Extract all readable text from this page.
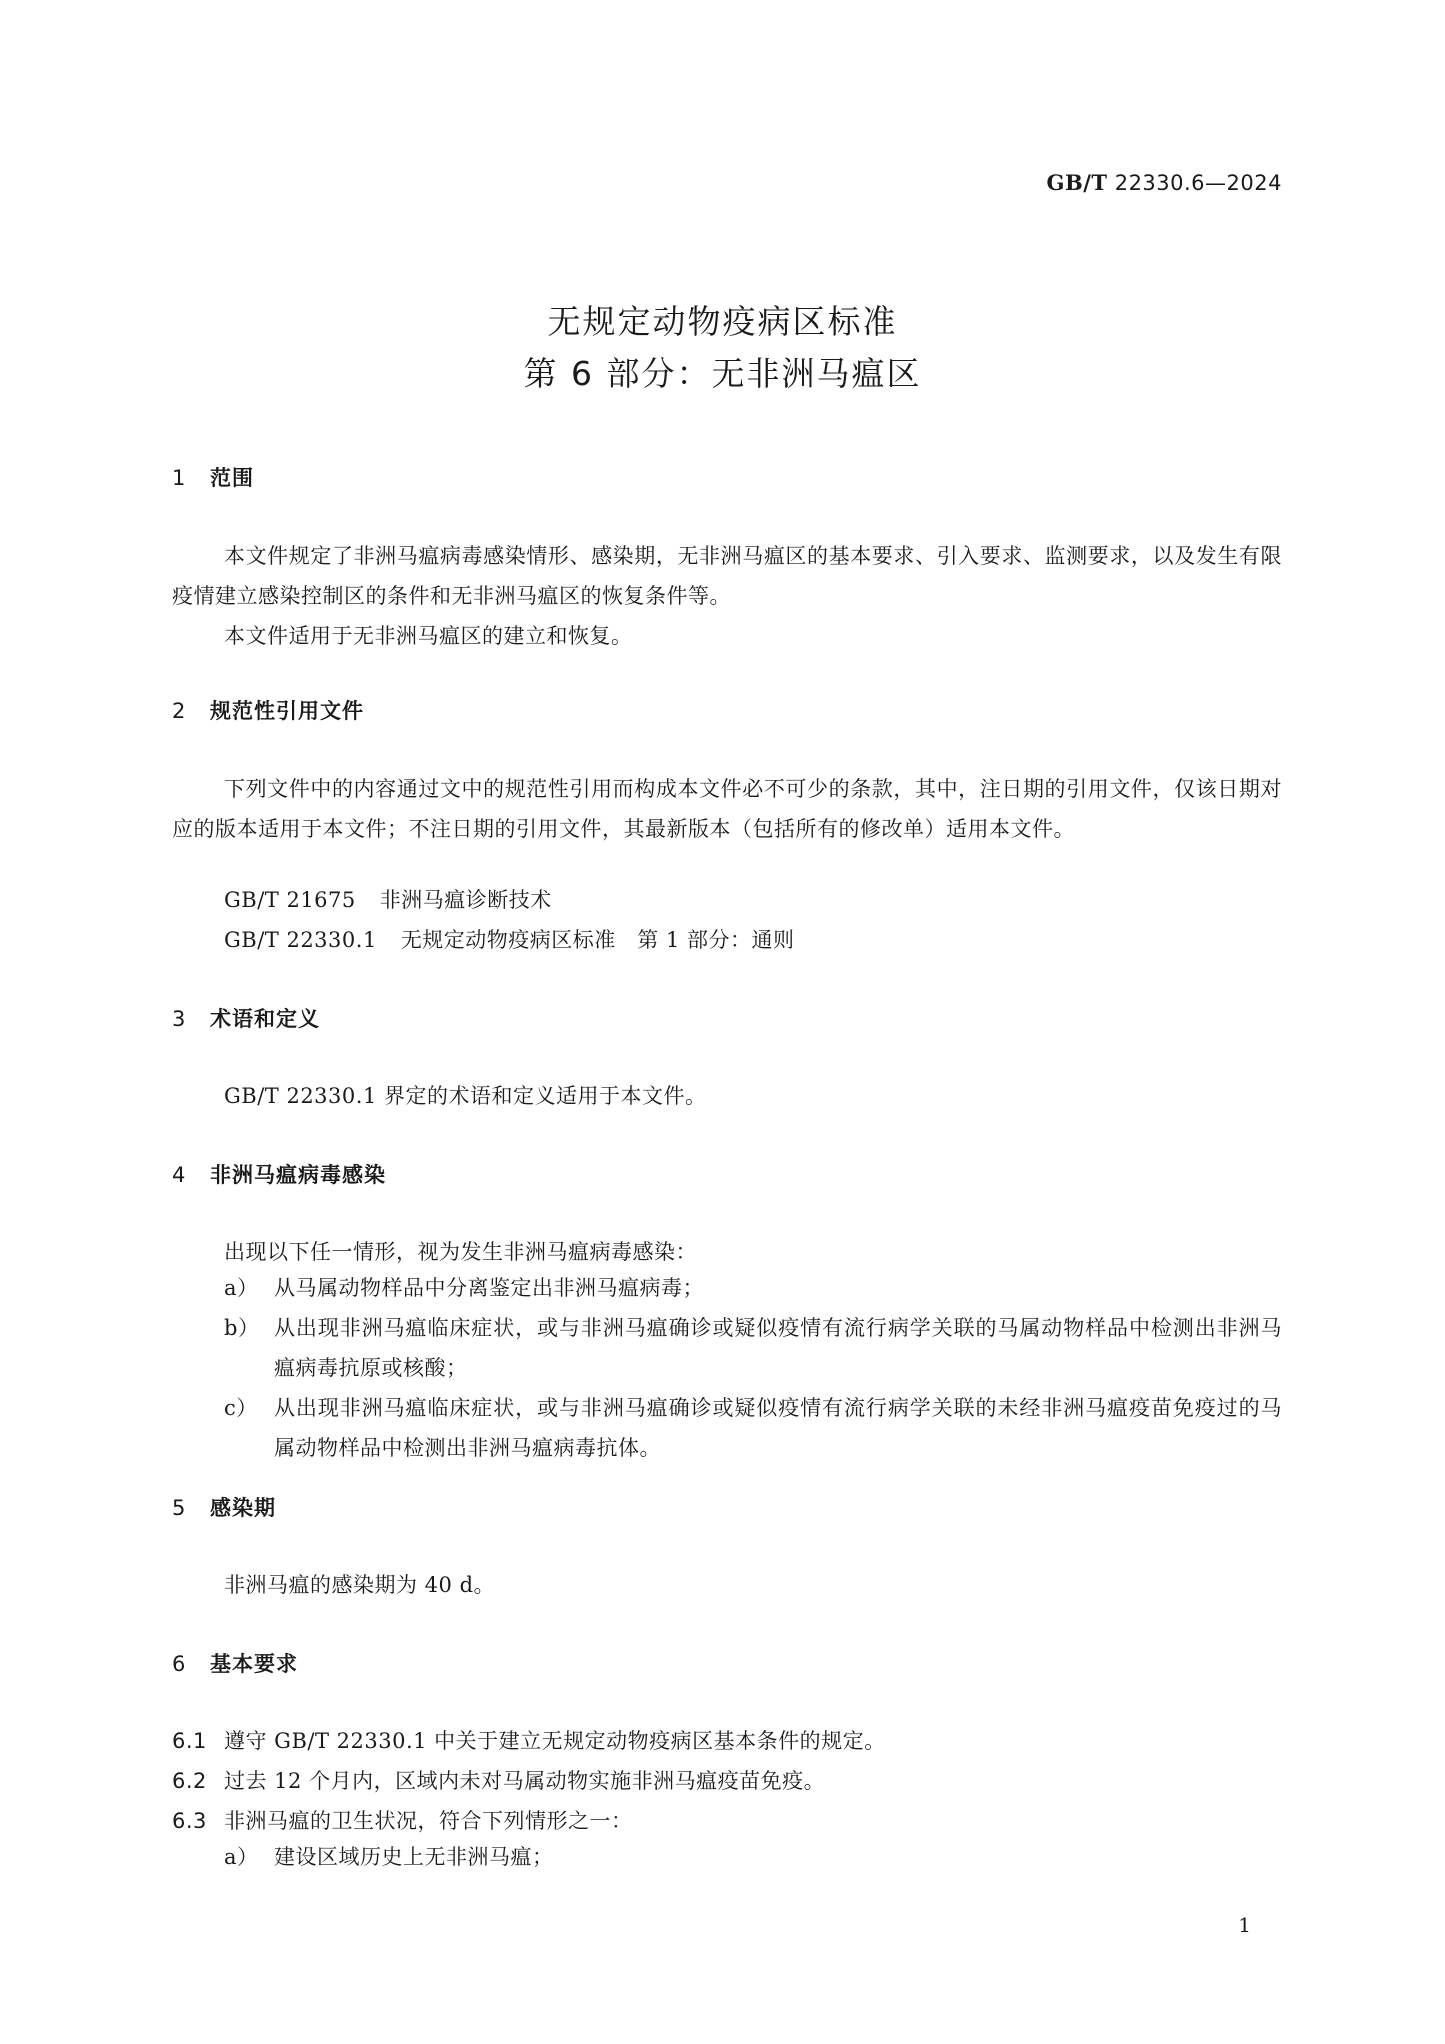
GB/T 22330.6—2024
无规定动物疫病区标准
第 6 部分：无非洲马瘟区
1 范围
本文件规定了非洲马瘟病毒感染情形、感染期，无非洲马瘟区的基本要求、引入要求、监测要求，以及发生有限疫情建立感染控制区的条件和无非洲马瘟区的恢复条件等。
本文件适用于无非洲马瘟区的建立和恢复。
2 规范性引用文件
下列文件中的内容通过文中的规范性引用而构成本文件必不可少的条款，其中，注日期的引用文件，仅该日期对应的版本适用于本文件；不注日期的引用文件，其最新版本（包括所有的修改单）适用本文件。
GB/T 21675 非洲马瘟诊断技术
GB/T 22330.1 无规定动物疫病区标准　第 1 部分：通则
3 术语和定义
GB/T 22330.1 界定的术语和定义适用于本文件。
4 非洲马瘟病毒感染
出现以下任一情形，视为发生非洲马瘟病毒感染：
a） 从马属动物样品中分离鉴定出非洲马瘟病毒；
b） 从出现非洲马瘟临床症状，或与非洲马瘟确诊或疑似疫情有流行病学关联的马属动物样品中检测出非洲马瘟病毒抗原或核酸；
c） 从出现非洲马瘟临床症状，或与非洲马瘟确诊或疑似疫情有流行病学关联的未经非洲马瘟疫苗免疫过的马属动物样品中检测出非洲马瘟病毒抗体。
5 感染期
非洲马瘟的感染期为 40 d。
6 基本要求
6.1 遵守 GB/T 22330.1 中关于建立无规定动物疫病区基本条件的规定。
6.2 过去 12 个月内，区域内未对马属动物实施非洲马瘟疫苗免疫。
6.3 非洲马瘟的卫生状况，符合下列情形之一：
a） 建设区域历史上无非洲马瘟；
1
